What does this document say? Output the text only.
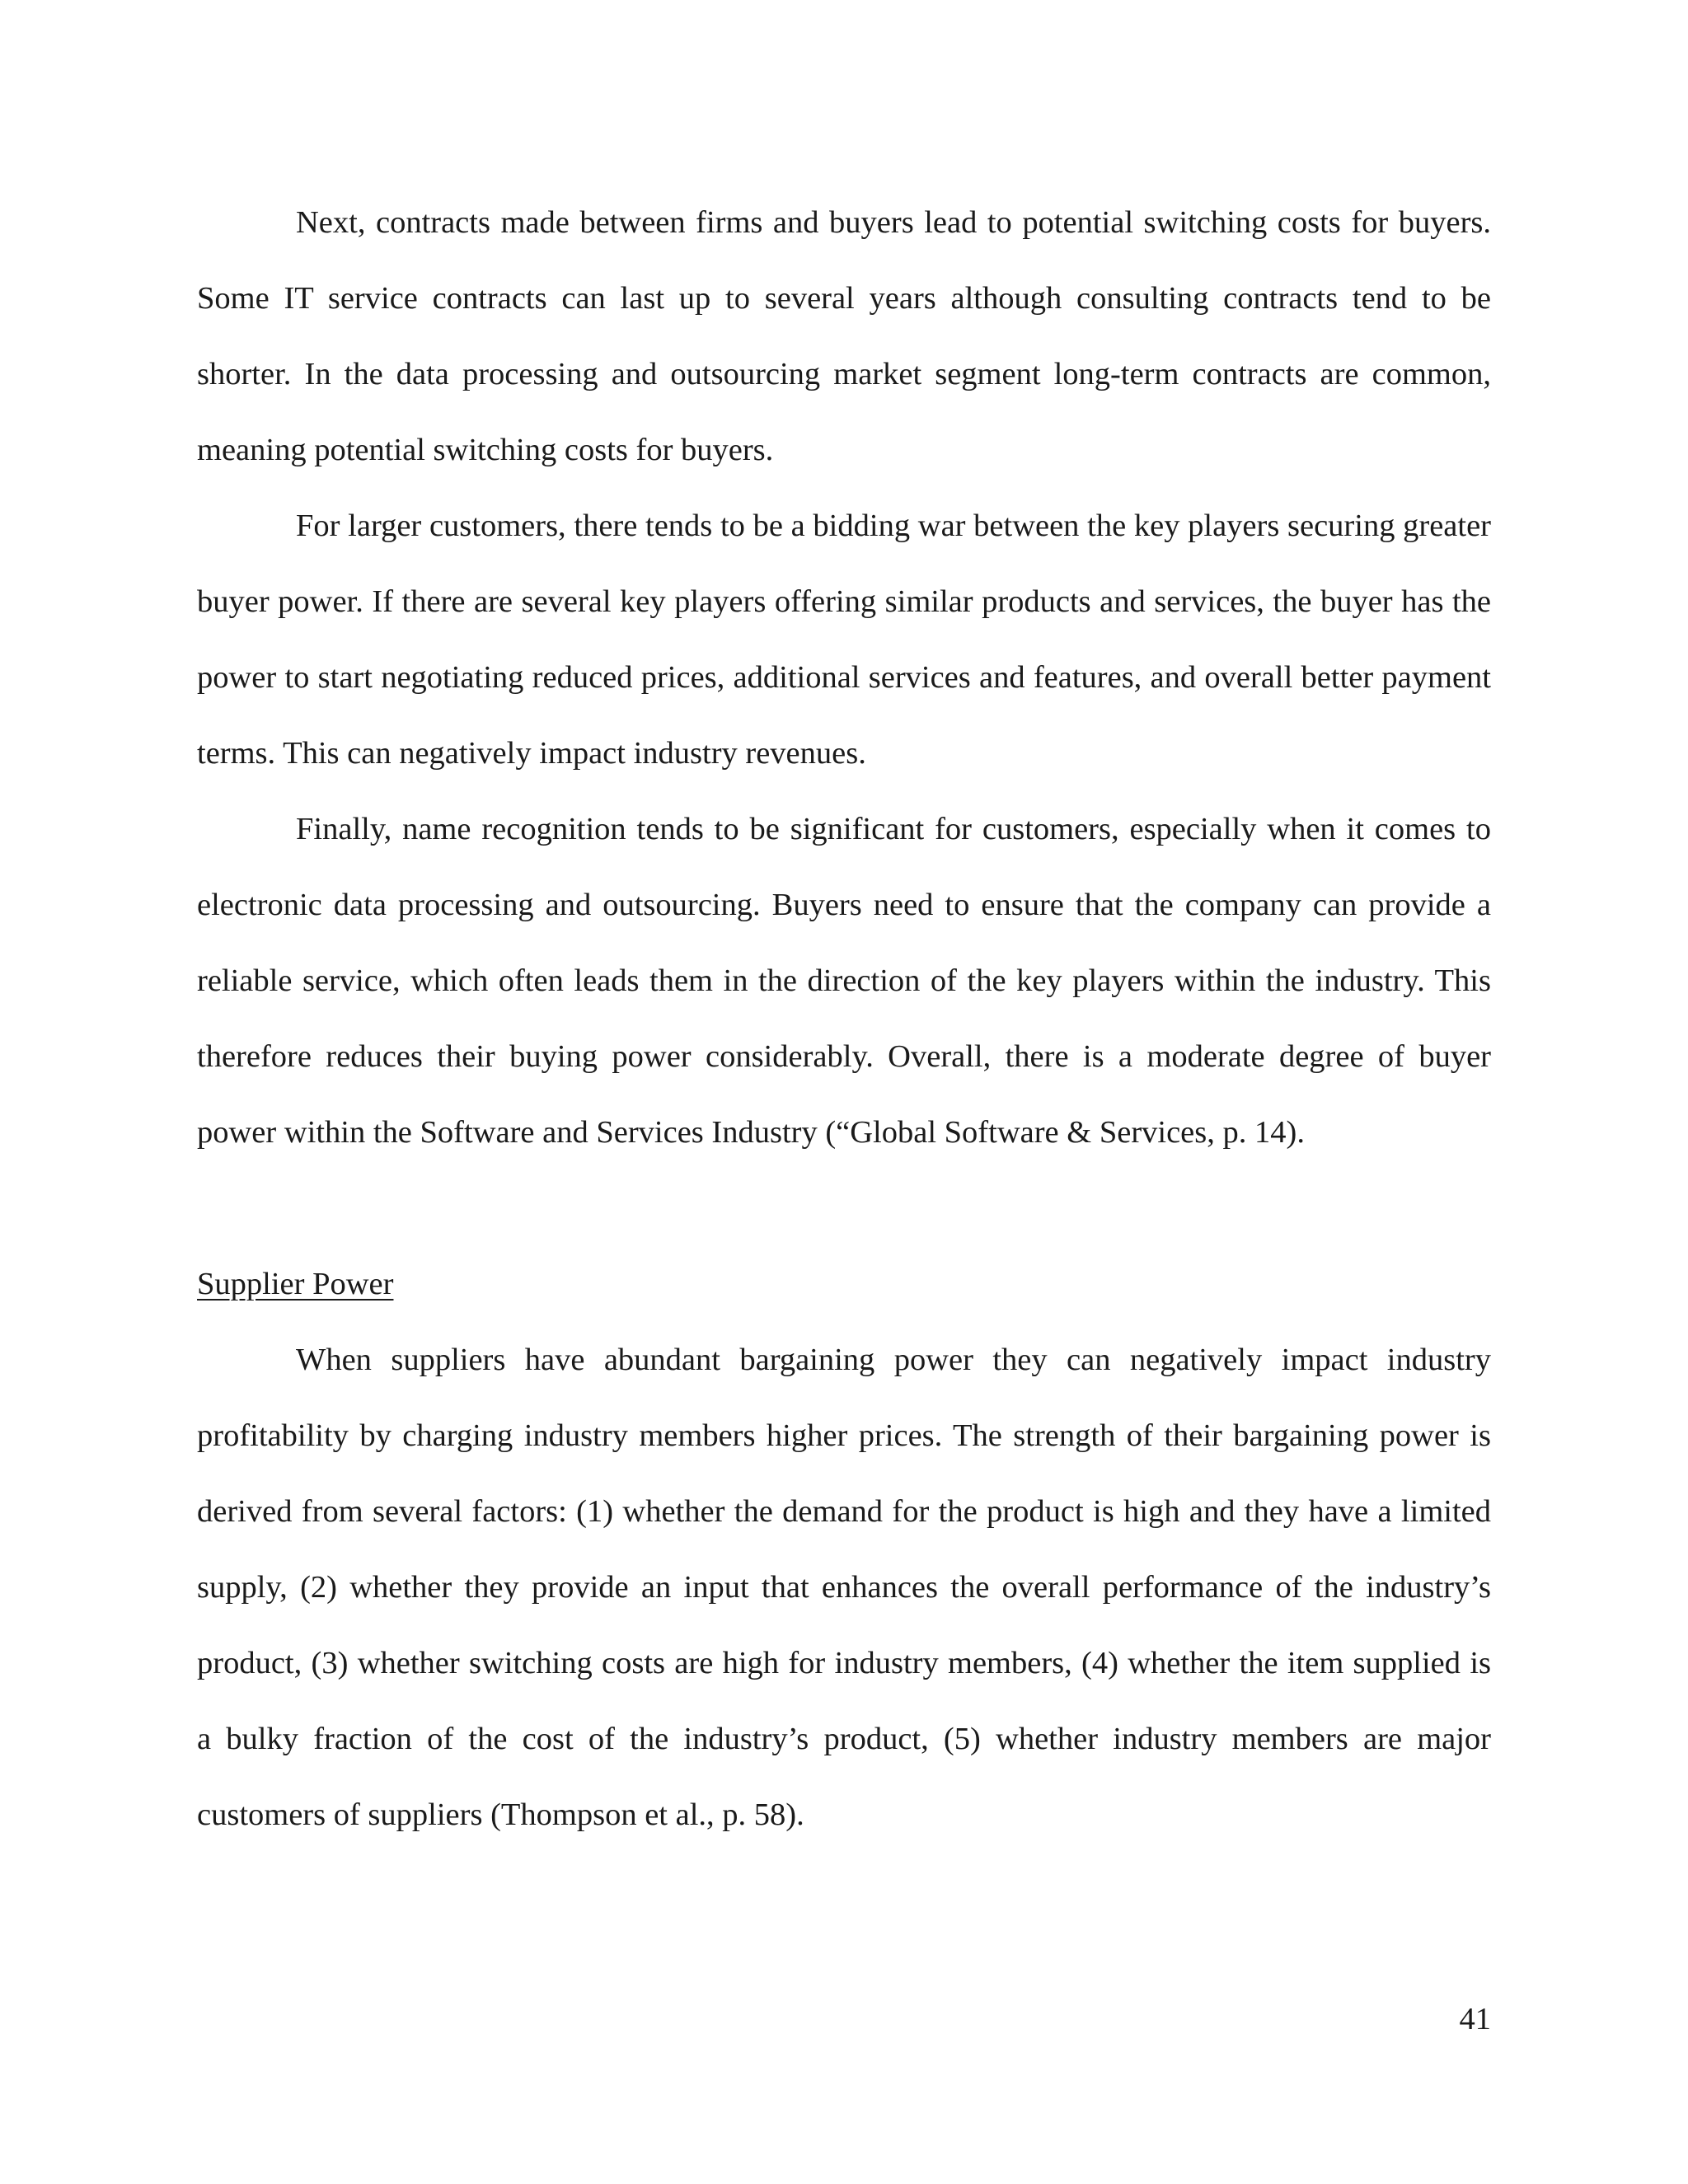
Next, contracts made between firms and buyers lead to potential switching costs for buyers. Some IT service contracts can last up to several years although consulting contracts tend to be shorter. In the data processing and outsourcing market segment long-term contracts are common, meaning potential switching costs for buyers.

For larger customers, there tends to be a bidding war between the key players securing greater buyer power. If there are several key players offering similar products and services, the buyer has the power to start negotiating reduced prices, additional services and features, and overall better payment terms. This can negatively impact industry revenues.

Finally, name recognition tends to be significant for customers, especially when it comes to electronic data processing and outsourcing. Buyers need to ensure that the company can provide a reliable service, which often leads them in the direction of the key players within the industry. This therefore reduces their buying power considerably. Overall, there is a moderate degree of buyer power within the Software and Services Industry (“Global Software & Services, p. 14).

Supplier Power

When suppliers have abundant bargaining power they can negatively impact industry profitability by charging industry members higher prices. The strength of their bargaining power is derived from several factors: (1) whether the demand for the product is high and they have a limited supply, (2) whether they provide an input that enhances the overall performance of the industry’s product, (3) whether switching costs are high for industry members, (4) whether the item supplied is a bulky fraction of the cost of the industry’s product, (5) whether industry members are major customers of suppliers (Thompson et al., p. 58).

41
